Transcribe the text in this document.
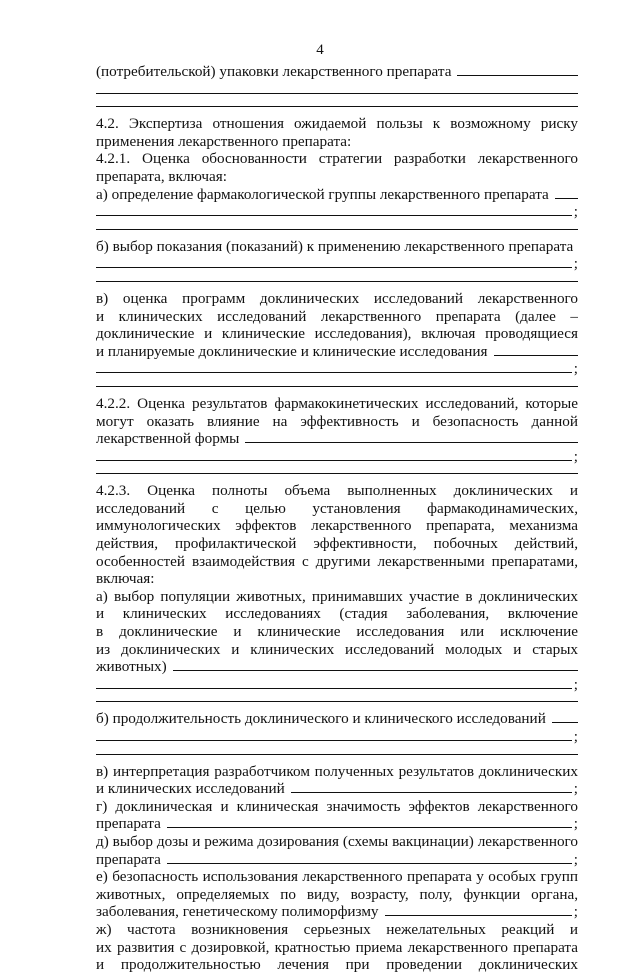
4
(потребительской) упаковки лекарственного препарата
4.2. Экспертиза отношения ожидаемой пользы к возможному риску
применения лекарственного препарата:
4.2.1. Оценка обоснованности стратегии разработки лекарственного
препарата, включая:
а) определение фармакологической группы лекарственного препарата
;
б) выбор показания (показаний) к применению лекарственного препарата
;
в) оценка программ доклинических исследований лекарственного
и клинических исследований лекарственного препарата (далее –
доклинические и клинические исследования), включая проводящиеся
и планируемые доклинические и клинические исследования
;
4.2.2. Оценка результатов фармакокинетических исследований, которые
могут оказать влияние на эффективность и безопасность данной
лекарственной формы
;
4.2.3. Оценка полноты объема выполненных доклинических и
исследований с целью установления фармакодинамических,
иммунологических эффектов лекарственного препарата, механизма
действия, профилактической эффективности, побочных действий,
особенностей взаимодействия с другими лекарственными препаратами,
включая:
а) выбор популяции животных, принимавших участие в доклинических
и клинических исследованиях (стадия заболевания, включение
в доклинические и клинические исследования или исключение
из доклинических и клинических исследований молодых и старых
животных)
;
б) продолжительность доклинического и клинического исследований
;
в) интерпретация разработчиком полученных результатов доклинических
и клинических исследований	;
г) доклиническая и клиническая значимость эффектов лекарственного
препарата	;
д) выбор дозы и режима дозирования (схемы вакцинации) лекарственного
препарата	;
е) безопасность использования лекарственного препарата у особых групп
животных, определяемых по виду, возрасту, полу, функции органа,
заболевания, генетическому полиморфизму	;
ж) частота возникновения серьезных нежелательных реакций и
их развития с дозировкой, кратностью приема лекарственного препарата
и продолжительностью лечения при проведении доклинических
